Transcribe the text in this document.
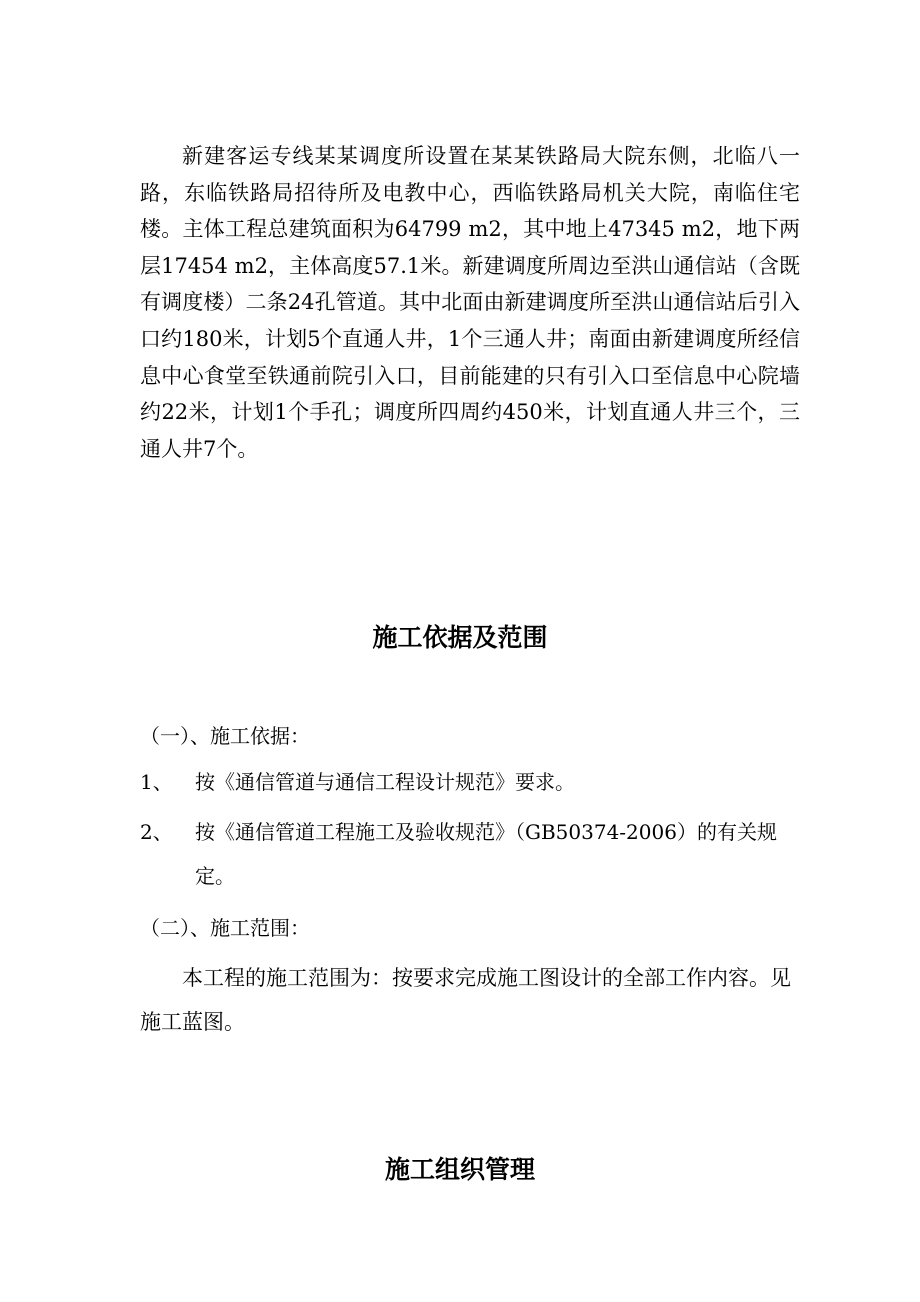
新建客运专线某某调度所设置在某某铁路局大院东侧，北临八一路，东临铁路局招待所及电教中心，西临铁路局机关大院，南临住宅楼。主体工程总建筑面积为64799 m2，其中地上47345 m2，地下两层17454 m2，主体高度57.1米。新建调度所周边至洪山通信站（含既有调度楼）二条24孔管道。其中北面由新建调度所至洪山通信站后引入口约180米，计划5个直通人井，1个三通人井；南面由新建调度所经信息中心食堂至铁通前院引入口，目前能建的只有引入口至信息中心院墙约22米，计划1个手孔；调度所四周约450米，计划直通人井三个，三通人井7个。

施工依据及范围

（一）、施工依据：

1、 按《通信管道与通信工程设计规范》要求。

2、 按《通信管道工程施工及验收规范》（GB50374-2006）的有关规定。

（二）、施工范围：

本工程的施工范围为：按要求完成施工图设计的全部工作内容。见施工蓝图。

施工组织管理
